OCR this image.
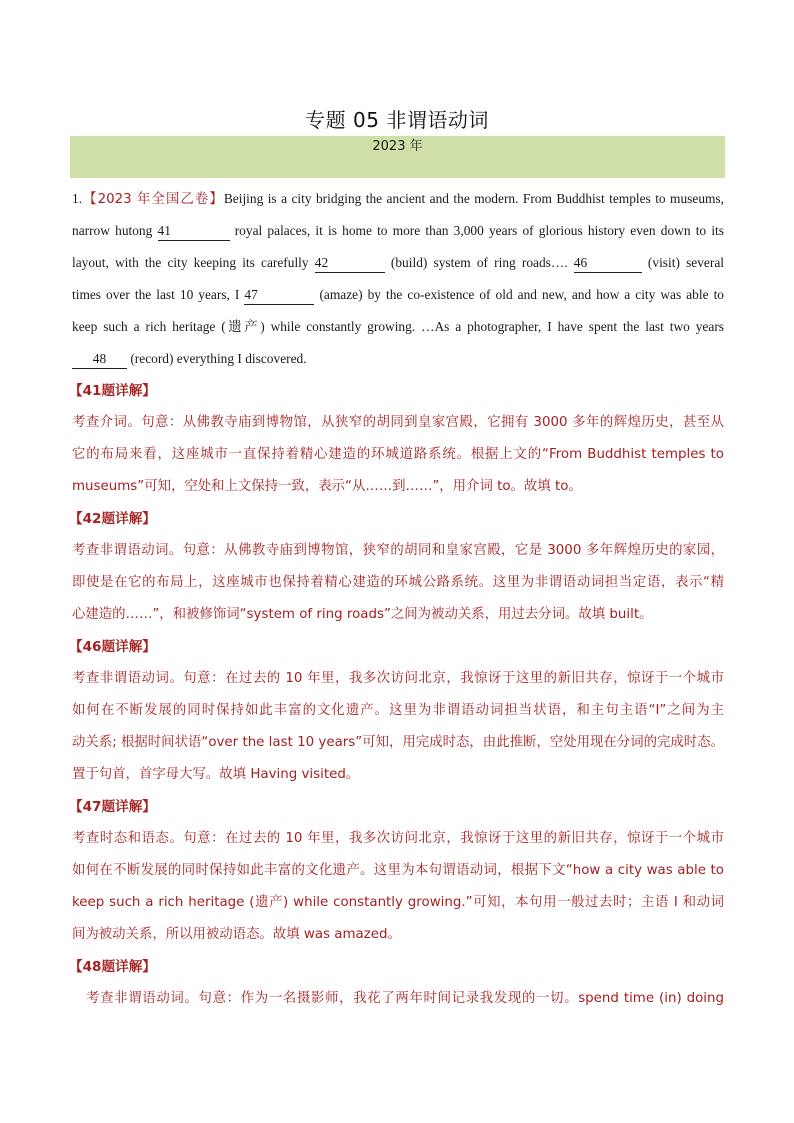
专题 05 非谓语动词
2023 年
1.【2023 年全国乙卷】Beijing is a city bridging the ancient and the modern. From Buddhist temples to museums,
narrow hutong 41	royal palaces, it is home to more than 3,000 years of glorious history even down to its
layout, with the city keeping its carefully 42	(build) system of ring roads…. 46	(visit) several
times over the last 10 years, I 47	(amaze) by the co-existence of old and new, and how a city was able to
keep such a rich heritage (遗产) while constantly growing. …As a photographer, I have spent the last two years
48 (record) everything I discovered.
【41题详解】
考查介词。句意：从佛教寺庙到博物馆，从狭窄的胡同到皇家宫殿，它拥有 3000 多年的辉煌历史，甚至从
它的布局来看，这座城市一直保持着精心建造的环城道路系统。根据上文的“From Buddhist temples to
museums”可知，空处和上文保持一致，表示“从……到……”，用介词 to。故填 to。
【42题详解】
考查非谓语动词。句意：从佛教寺庙到博物馆，狭窄的胡同和皇家宫殿，它是 3000 多年辉煌历史的家园，
即使是在它的布局上，这座城市也保持着精心建造的环城公路系统。这里为非谓语动词担当定语，表示“精
心建造的……”，和被修饰词“system of ring roads”之间为被动关系，用过去分词。故填 built。
【46题详解】
考查非谓语动词。句意：在过去的 10 年里，我多次访问北京，我惊讶于这里的新旧共存，惊讶于一个城市
如何在不断发展的同时保持如此丰富的文化遗产。这里为非谓语动词担当状语，和主句主语“I”之间为主
动关系; 根据时间状语“over the last 10 years”可知，用完成时态，由此推断，空处用现在分词的完成时态。
置于句首，首字母大写。故填 Having visited。
【47题详解】
考查时态和语态。句意：在过去的 10 年里，我多次访问北京，我惊讶于这里的新旧共存，惊讶于一个城市
如何在不断发展的同时保持如此丰富的文化遗产。这里为本句谓语动词，根据下文“how a city was able to
keep such a rich heritage (遗产) while constantly growing.”可知，本句用一般过去时；主语 I 和动词
间为被动关系，所以用被动语态。故填 was amazed。
【48题详解】
考查非谓语动词。句意：作为一名摄影师，我花了两年时间记录我发现的一切。spend time (in) doing
